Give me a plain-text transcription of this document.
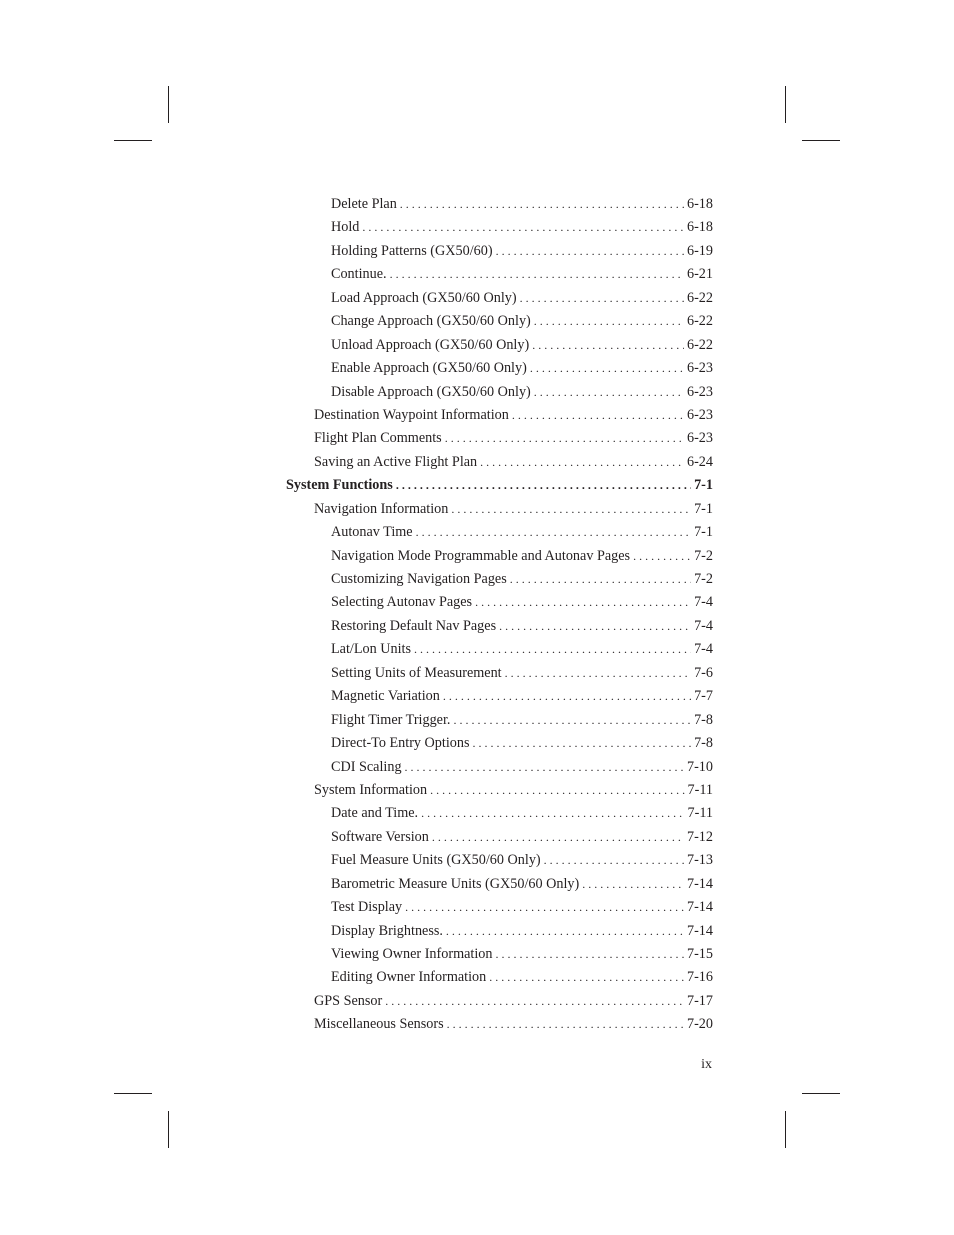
Delete Plan . . .	6-18
Hold . . .	6-18
Holding Patterns (GX50/60) . . .	6-19
Continue. . . .	6-21
Load Approach (GX50/60 Only) . . .	6-22
Change Approach (GX50/60 Only) . . .	6-22
Unload Approach (GX50/60 Only) . . .	6-22
Enable Approach (GX50/60 Only) . . .	6-23
Disable Approach (GX50/60 Only) . . .	6-23
Destination Waypoint Information . . .	6-23
Flight Plan Comments . . .	6-23
Saving an Active Flight Plan . . .	6-24
System Functions . . .	7-1
Navigation Information . . .	7-1
Autonav Time . . .	7-1
Navigation Mode Programmable and Autonav Pages . . .	7-2
Customizing Navigation Pages . . .	7-2
Selecting Autonav Pages . . .	7-4
Restoring Default Nav Pages . . .	7-4
Lat/Lon Units . . .	7-4
Setting Units of Measurement . . .	7-6
Magnetic Variation . . .	7-7
Flight Timer Trigger. . . .	7-8
Direct-To Entry Options . . .	7-8
CDI Scaling . . .	7-10
System Information . . .	7-11
Date and Time. . . .	7-11
Software Version . . .	7-12
Fuel Measure Units (GX50/60 Only) . . .	7-13
Barometric Measure Units (GX50/60 Only) . . .	7-14
Test Display . . .	7-14
Display Brightness. . . .	7-14
Viewing Owner Information . . .	7-15
Editing Owner Information . . .	7-16
GPS Sensor . . .	7-17
Miscellaneous Sensors . . .	7-20
ix
